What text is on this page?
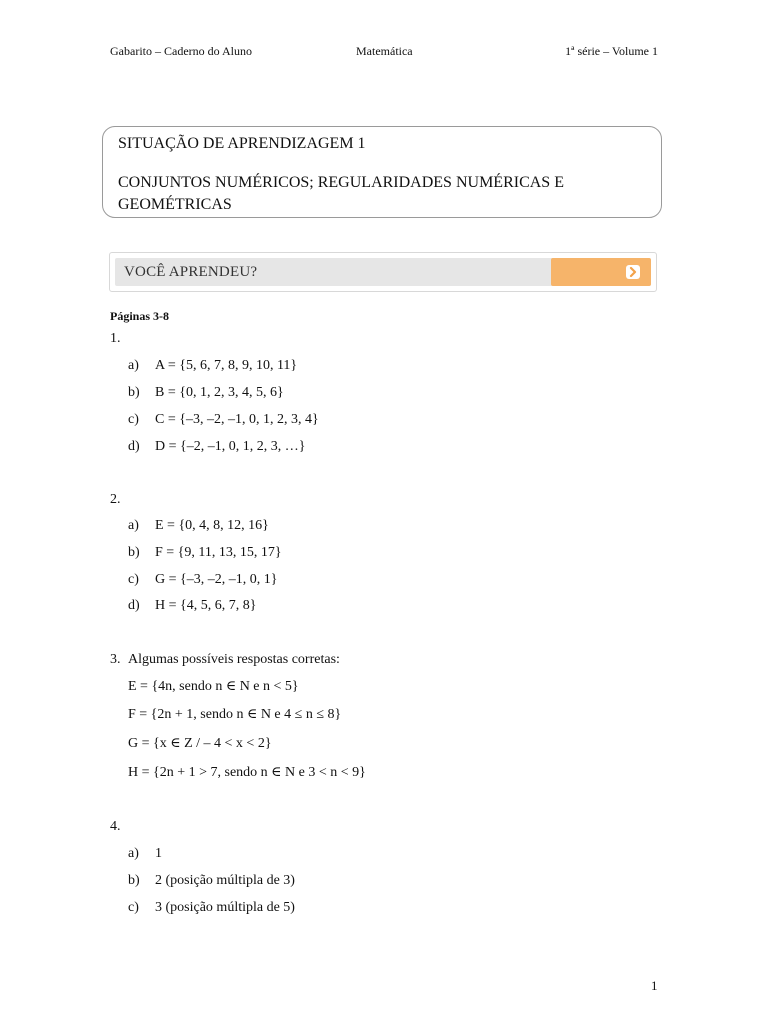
Gabarito – Caderno do Aluno	Matemática	1ª série – Volume 1
SITUAÇÃO DE APRENDIZAGEM 1
CONJUNTOS NUMÉRICOS; REGULARIDADES NUMÉRICAS E GEOMÉTRICAS
VOCÊ APRENDEU?
Páginas 3-8
1.
a) A = {5, 6, 7, 8, 9, 10, 11}
b) B = {0, 1, 2, 3, 4, 5, 6}
c) C = {–3, –2, –1, 0, 1, 2, 3, 4}
d) D = {–2, –1, 0, 1, 2, 3, …}
2.
a) E = {0, 4, 8, 12, 16}
b) F = {9, 11, 13, 15, 17}
c) G = {–3, –2, –1, 0, 1}
d) H = {4, 5, 6, 7, 8}
3. Algumas possíveis respostas corretas:
E = {4n, sendo n ∈ N e n < 5}
F = {2n + 1, sendo n ∈ N e 4 ≤ n ≤ 8}
G = {x ∈ Z / – 4 < x < 2}
H = {2n + 1 > 7, sendo n ∈ N e 3 < n < 9}
4.
a) 1
b) 2 (posição múltipla de 3)
c) 3 (posição múltipla de 5)
1
